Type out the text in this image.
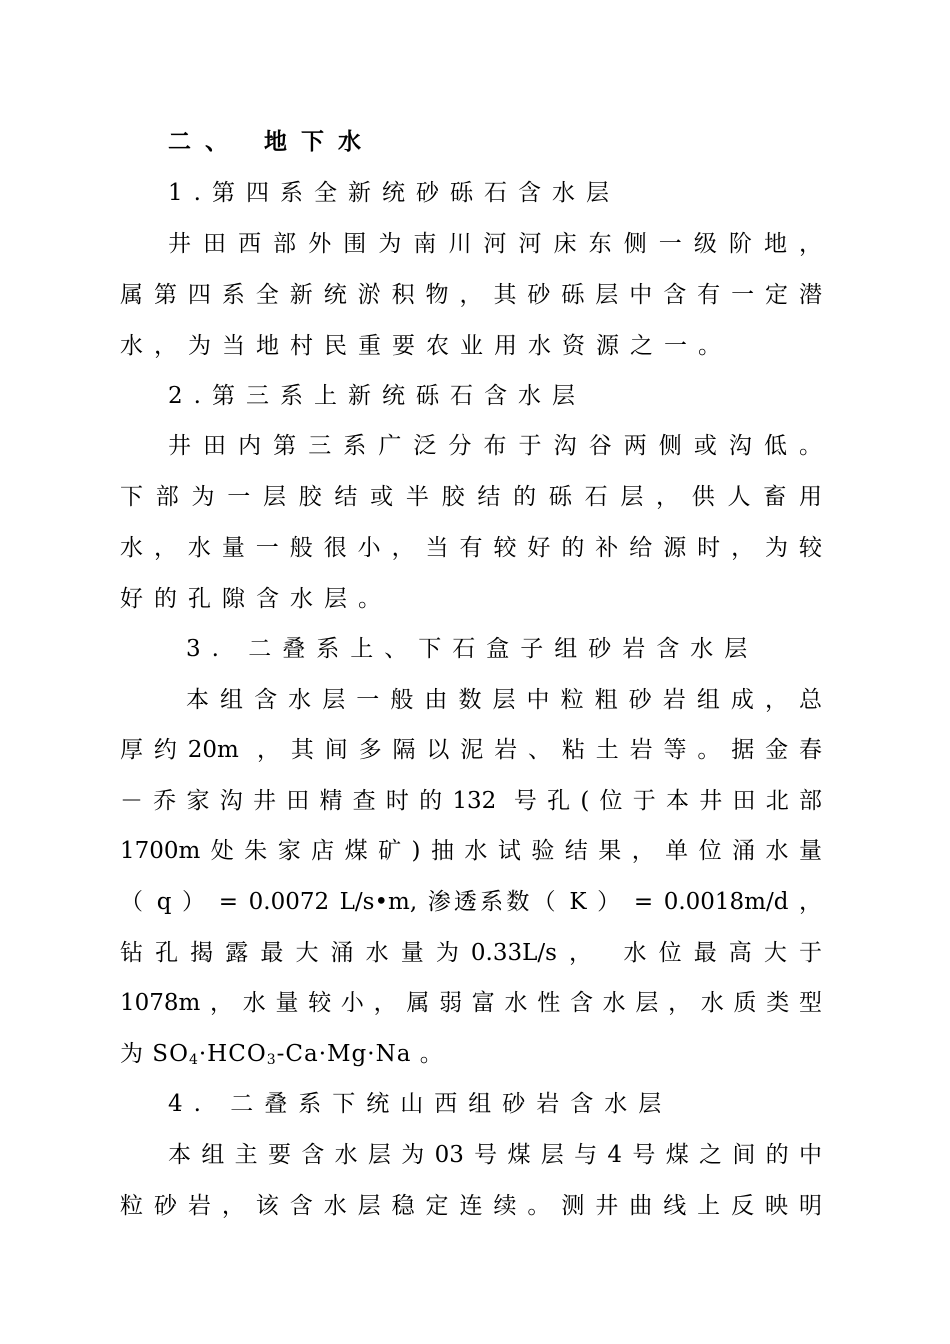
二、 地下水
1.第四系全新统砂砾石含水层
井田西部外围为南川河河床东侧一级阶地，
属第四系全新统淤积物，其砂砾层中含有一定潜
水，为当地村民重要农业用水资源之一。
2.第三系上新统砾石含水层
井田内第三系广泛分布于沟谷两侧或沟低。
下部为一层胶结或半胶结的砾石层，供人畜用
水，水量一般很小，当有较好的补给源时，为较
好的孔隙含水层。
3. 二叠系上、下石盒子组砂岩含水层
本组含水层一般由数层中粒粗砂岩组成，总
厚约20m ，其间多隔以泥岩、粘土岩等。据金春
－乔家沟井田精查时的132 号孔(位于本井田北部
1700m处朱家店煤矿)抽水试验结果，单位涌水量
（ q ） = 0.0072 L/s•m, 渗透系数（ K ） = 0.0018m/d ，
钻孔揭露最大涌水量为0.33L/s， 水位最高大于
1078m，水量较小，属弱富水性含水层，水质类型
为 $SO_4\cdot HCO_3-Ca\cdot Mg\cdot Na$ 。
4. 二叠系下统山西组砂岩含水层
本组主要含水层为03号煤层与4号煤之间的中
粒砂岩，该含水层稳定连续。测井曲线上反映明
